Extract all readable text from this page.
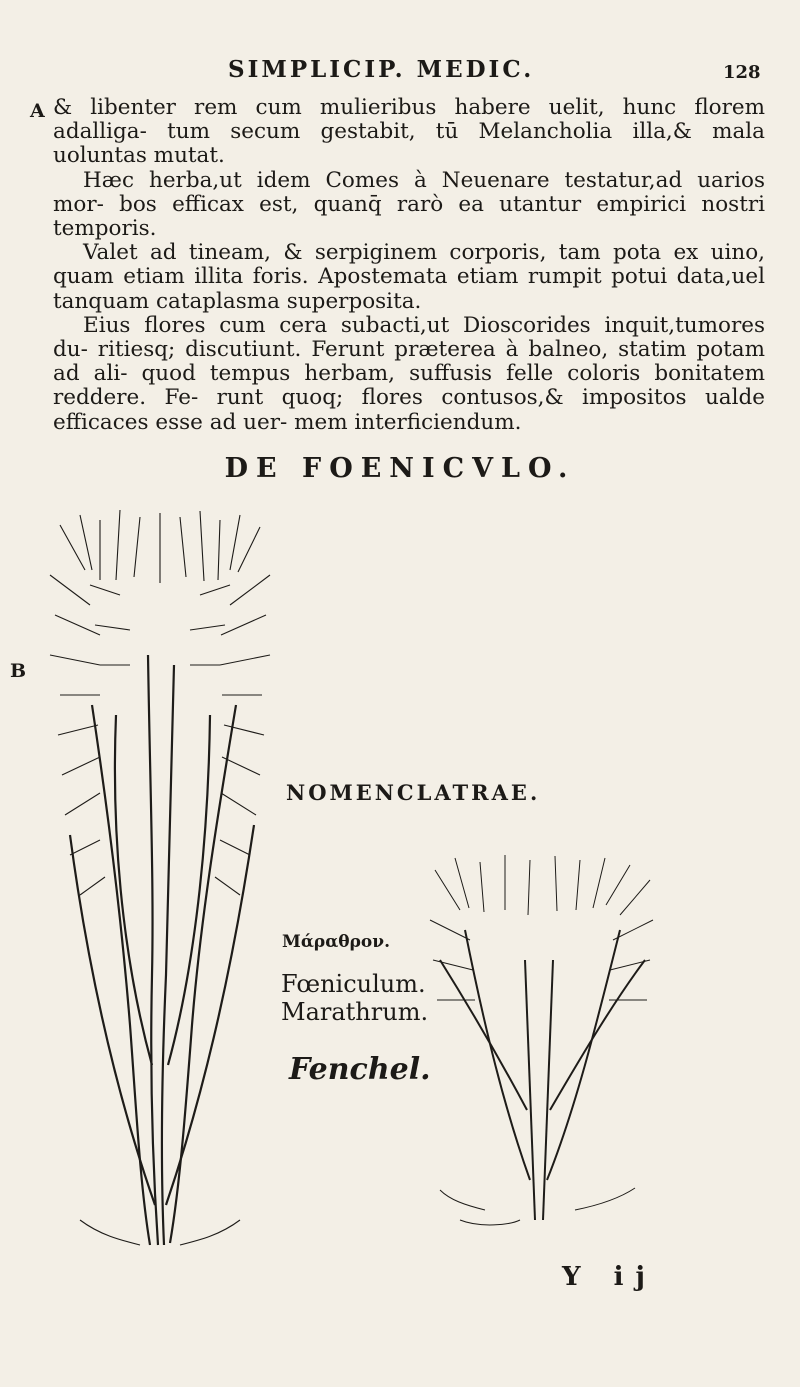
SIMPLICIP. MEDIC.	128
A
B

& libenter rem cum mulieribus habere uelit, hunc florem adalliga- tum secum gestabit, tū Melancholia illa,& mala uoluntas mutat.

Hæc herba,ut idem Comes à Neuenare testatur,ad uarios mor- bos efficax est, quanq̄ rarò ea utantur empirici nostri temporis.

Valet ad tineam, & serpiginem corporis, tam pota ex uino, quam etiam illita foris. Apostemata etiam rumpit potui data,uel tanquam cataplasma superposita.

Eius flores cum cera subacti,ut Dioscorides inquit,tumores du- ritiesq; discutiunt. Ferunt præterea à balneo, statim potam ad ali- quod tempus herbam, suffusis felle coloris bonitatem reddere. Fe- runt quoq; flores contusos,& impositos ualde efficaces esse ad uer- mem interficiendum.

DE FOENICVLO.
NOMENCLATRAE.
Μάραθρον.
Fœniculum.
Marathrum.
Fenchel.
Y ij
